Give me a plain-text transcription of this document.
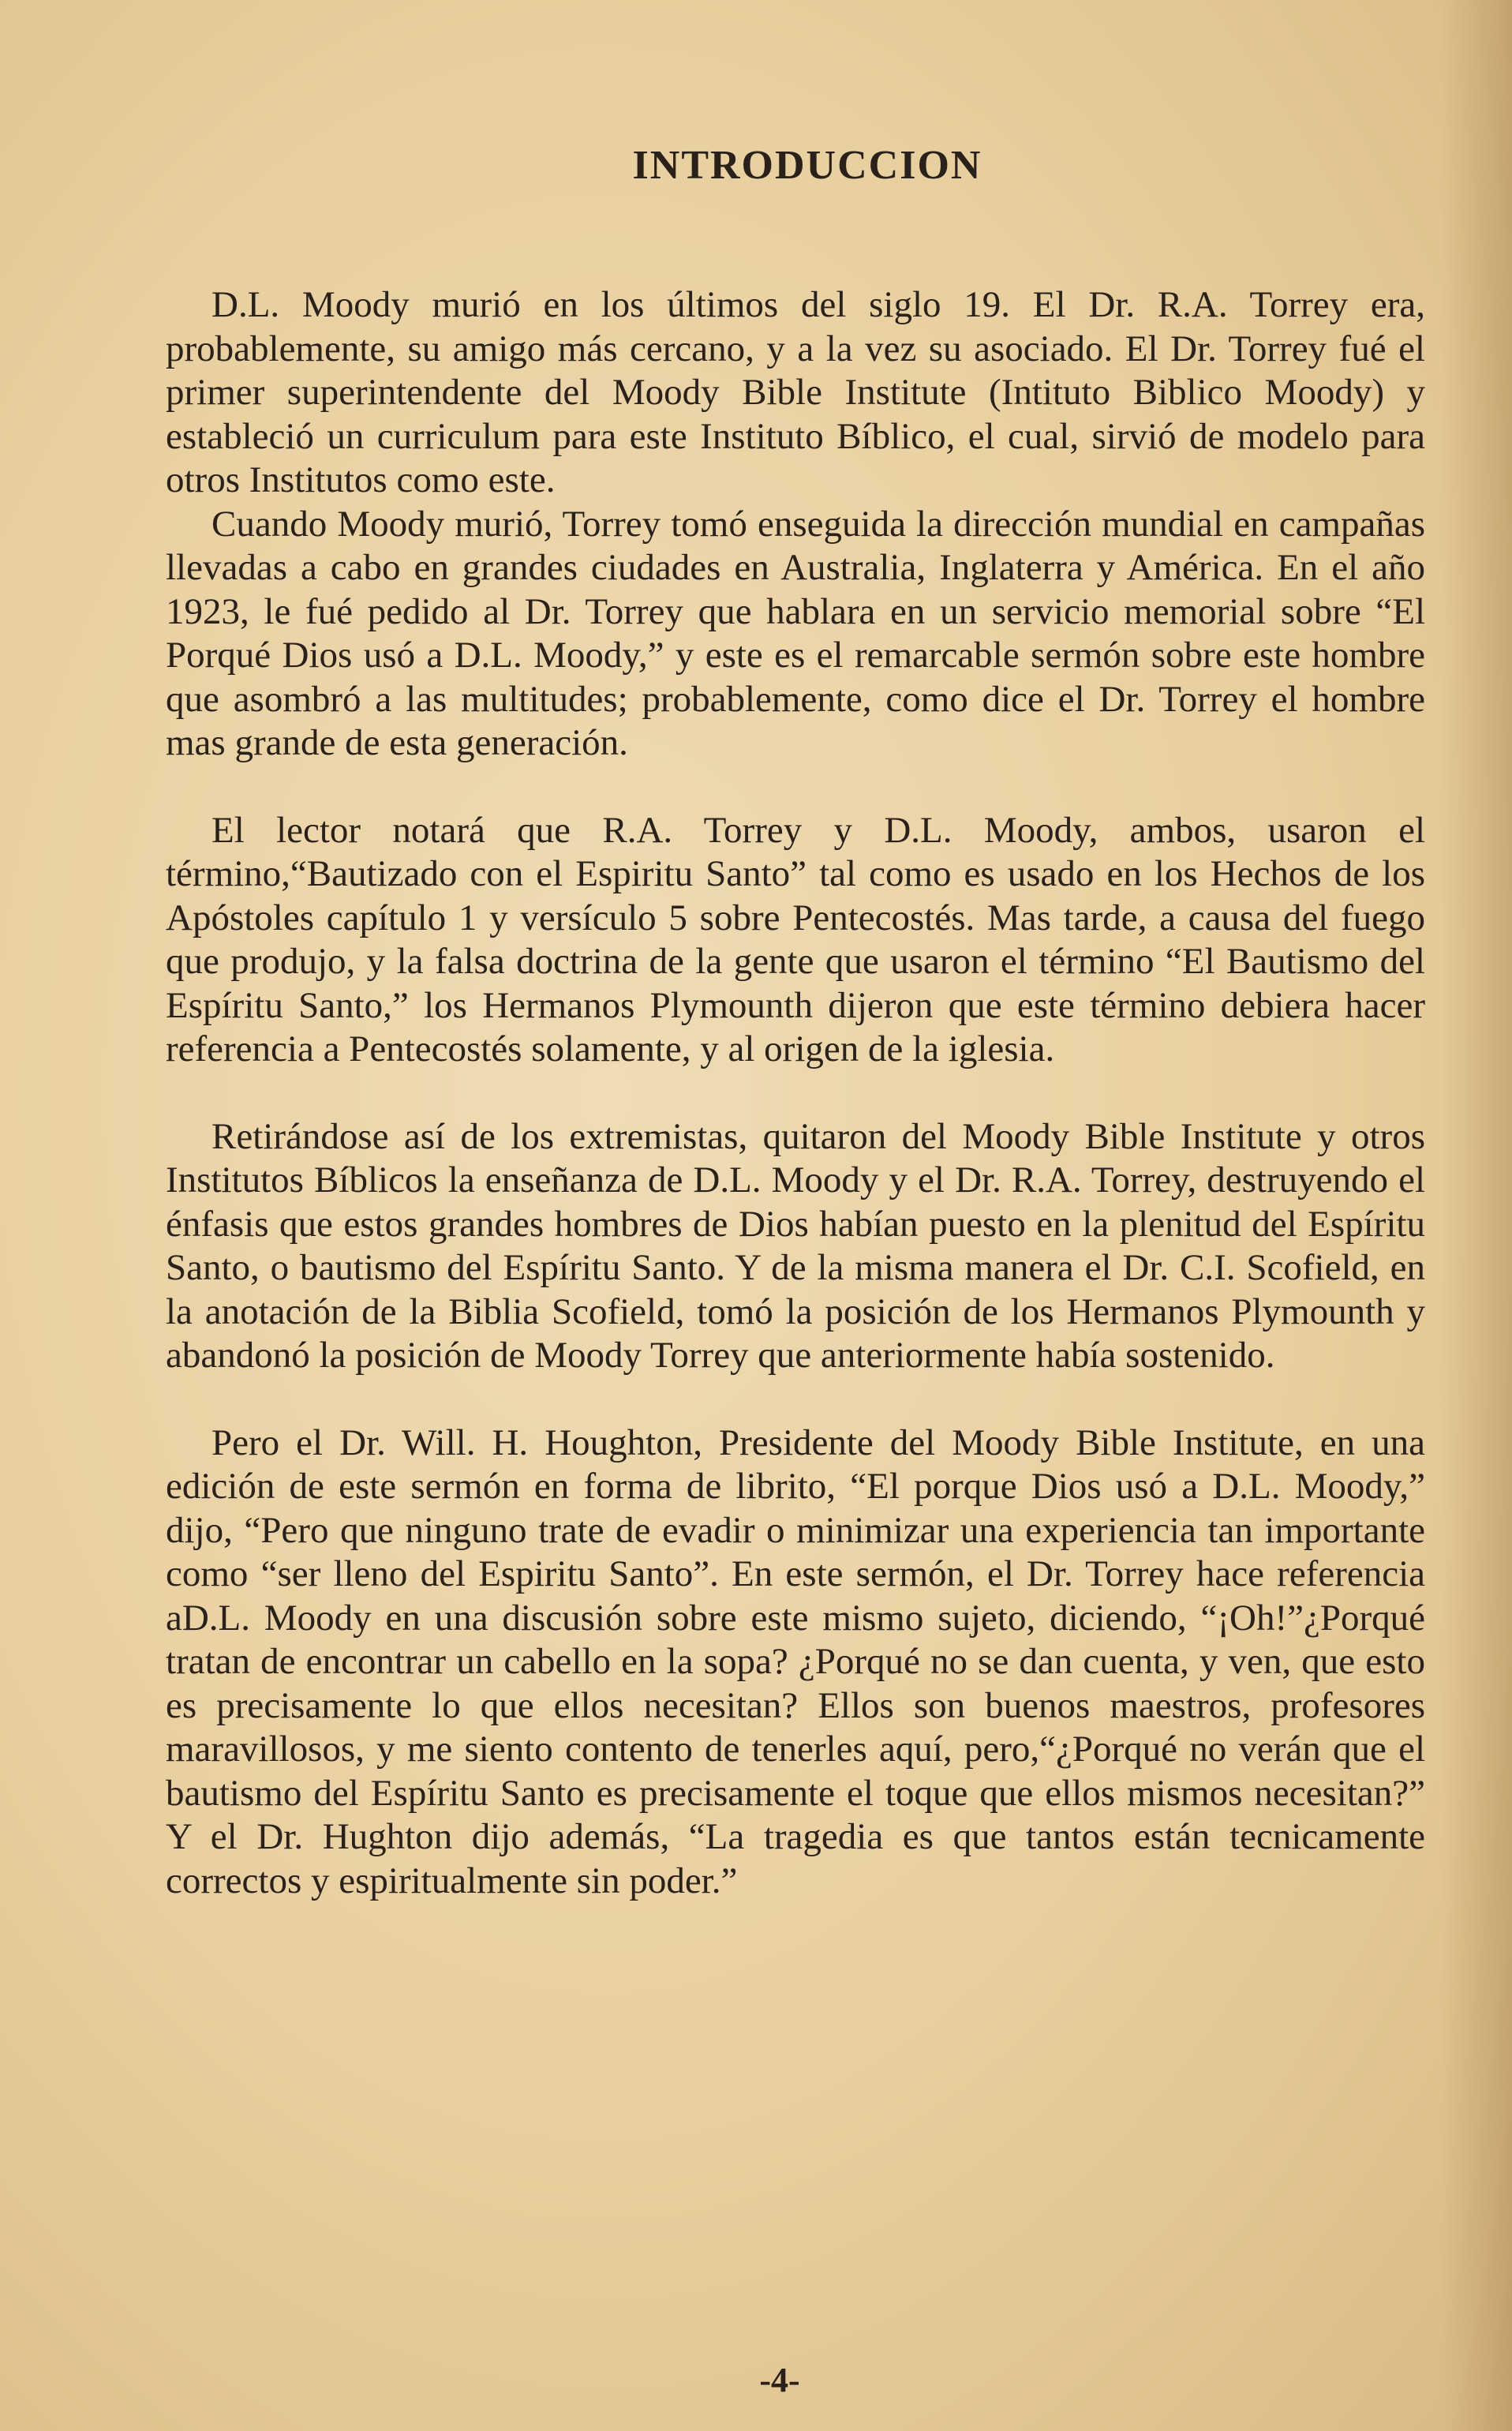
INTRODUCCION

D.L. Moody murió en los últimos del siglo 19. El Dr. R.A. Torrey era, probablemente, su amigo más cercano, y a la vez su asociado. El Dr. Torrey fué el primer superintendente del Moody Bible Institute (Intituto Biblico Moody) y estableció un curriculum para este Instituto Bíblico, el cual, sirvió de modelo para otros Institutos como este.

Cuando Moody murió, Torrey tomó enseguida la dirección mundial en campañas llevadas a cabo en grandes ciudades en Australia, Inglaterra y América. En el año 1923, le fué pedido al Dr. Torrey que hablara en un servicio memorial sobre “El Porqué Dios usó a D.L. Moody,” y este es el remarcable sermón sobre este hombre que asombró a las multitudes; probablemente, como dice el Dr. Torrey el hombre mas grande de esta generación.

El lector notará que R.A. Torrey y D.L. Moody, ambos, usaron el término,“Bautizado con el Espiritu Santo” tal como es usado en los Hechos de los Apóstoles capítulo 1 y versículo 5 sobre Pentecostés. Mas tarde, a causa del fuego que produjo, y la falsa doctrina de la gente que usaron el término “El Bautismo del Espíritu Santo,” los Hermanos Plymounth dijeron que este término debiera hacer referencia a Pentecostés solamente, y al origen de la iglesia.

Retirándose así de los extremistas, quitaron del Moody Bible Institute y otros Institutos Bíblicos la enseñanza de D.L. Moody y el Dr. R.A. Torrey, destruyendo el énfasis que estos grandes hombres de Dios habían puesto en la plenitud del Espíritu Santo, o bautismo del Espíritu Santo. Y de la misma manera el Dr. C.I. Scofield, en la anotación de la Biblia Scofield, tomó la posición de los Hermanos Plymounth y abandonó la posición de Moody Torrey que anteriormente había sostenido.

Pero el Dr. Will. H. Houghton, Presidente del Moody Bible Institute, en una edición de este sermón en forma de librito, “El porque Dios usó a D.L. Moody,” dijo, “Pero que ninguno trate de evadir o minimizar una experiencia tan importante como “ser lleno del Espiritu Santo”. En este sermón, el Dr. Torrey hace referencia aD.L. Moody en una discusión sobre este mismo sujeto, diciendo, “¡Oh!”¿Porqué tratan de encontrar un cabello en la sopa? ¿Porqué no se dan cuenta, y ven, que esto es precisamente lo que ellos necesitan? Ellos son buenos maestros, profesores maravillosos, y me siento contento de tenerles aquí, pero,“¿Porqué no verán que el bautismo del Espíritu Santo es precisamente el toque que ellos mismos necesitan?” Y el Dr. Hughton dijo además, “La tragedia es que tantos están tecnicamente correctos y espiritualmente sin poder.”

-4-
